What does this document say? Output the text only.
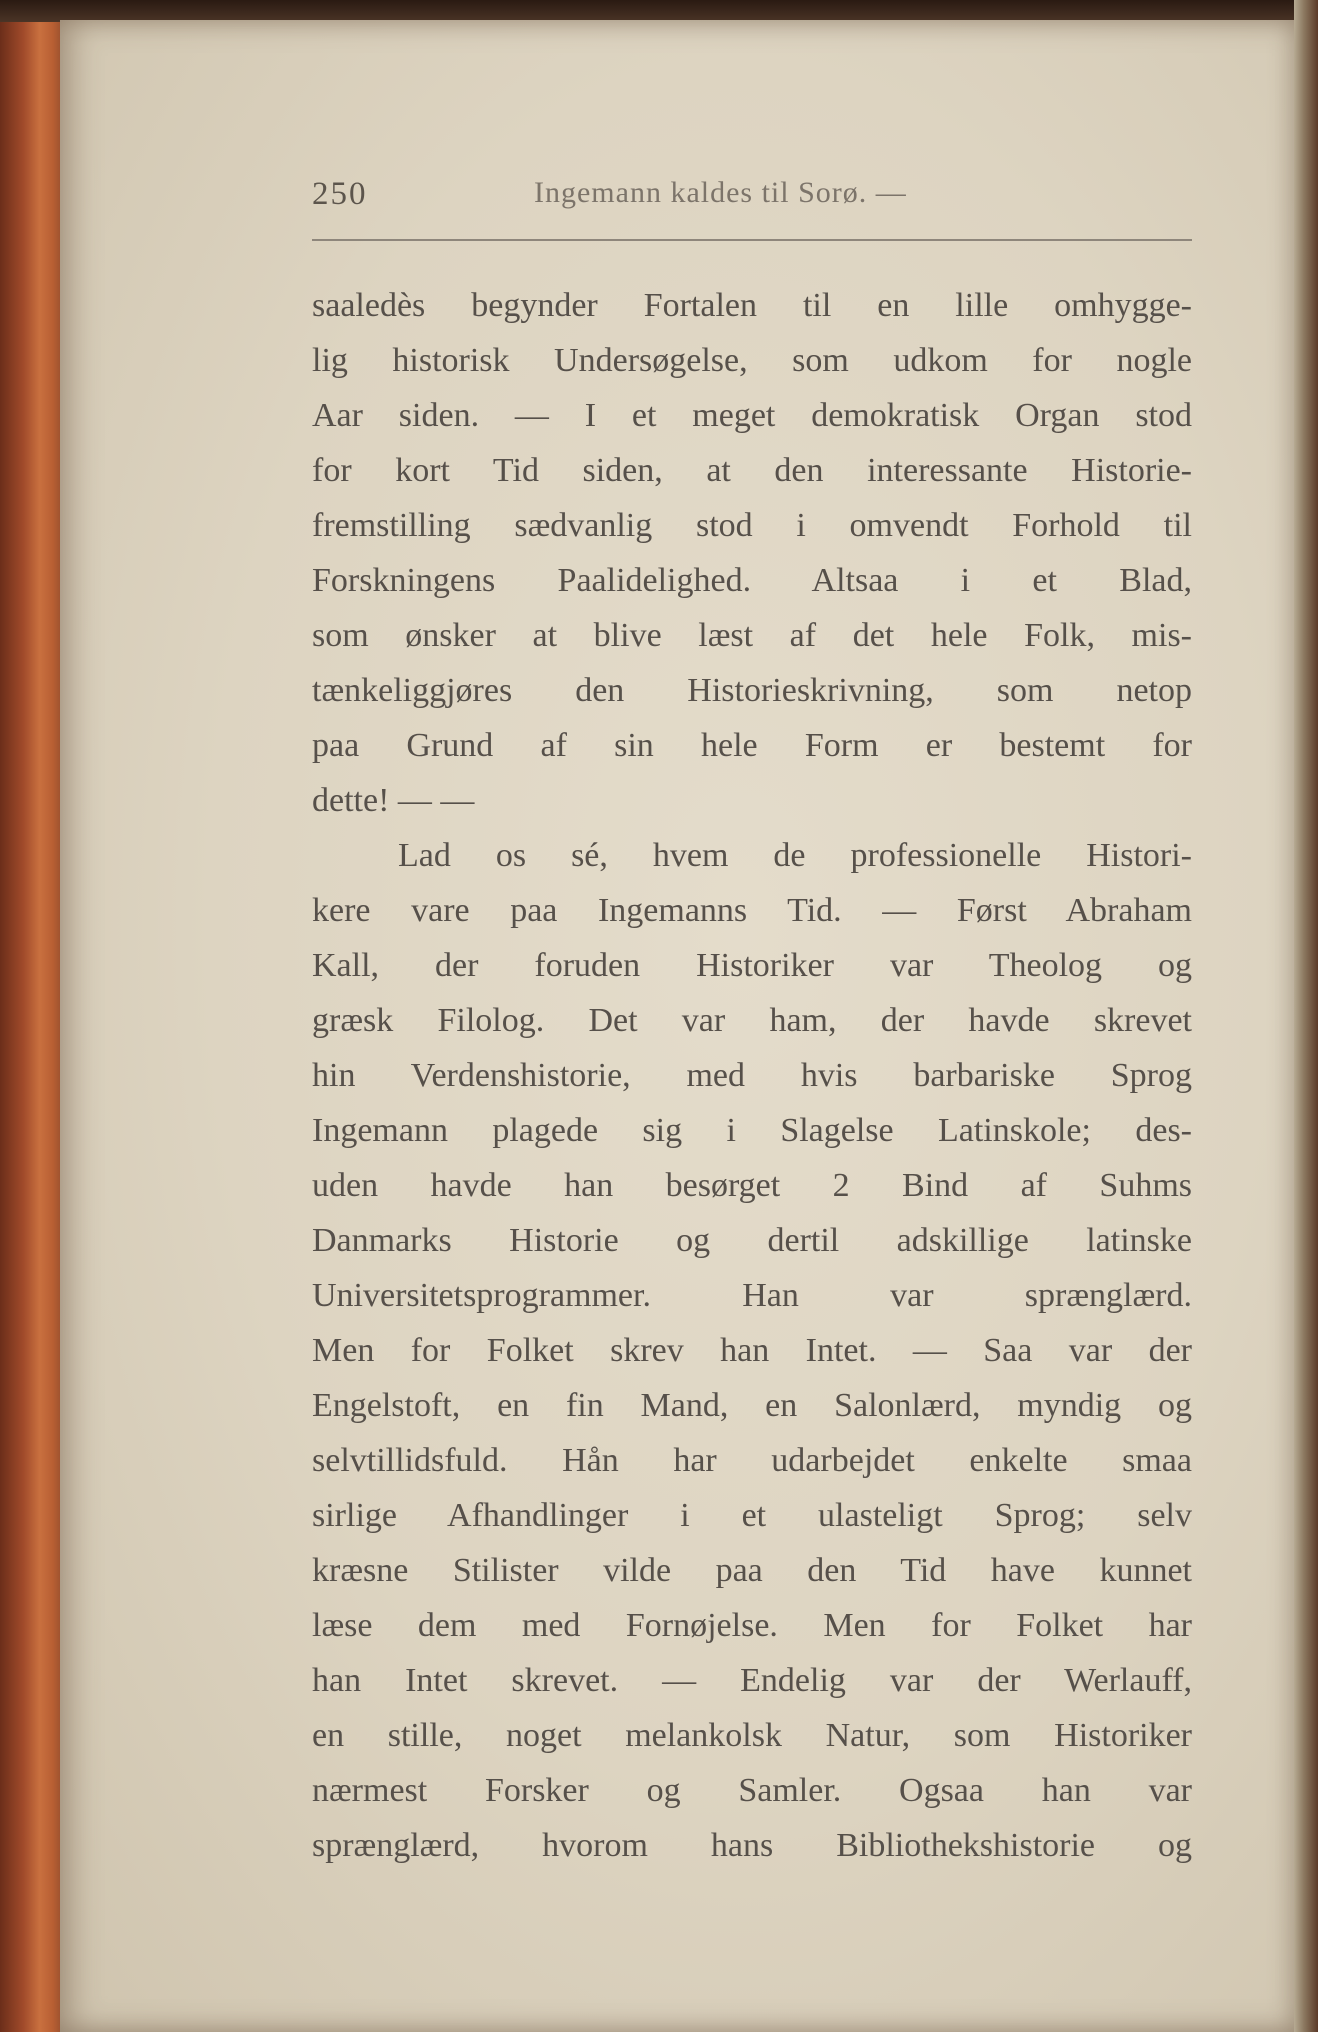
250	Ingemann kaldes til Sorø. —
saaledès begynder Fortalen til en lille omhygge-
lig historisk Undersøgelse, som udkom for nogle
Aar siden. — I et meget demokratisk Organ stod
for kort Tid siden, at den interessante Historie-
fremstilling sædvanlig stod i omvendt Forhold til
Forskningens Paalidelighed. Altsaa i et Blad,
som ønsker at blive læst af det hele Folk, mis-
tænkeliggjøres den Historieskrivning, som netop
paa Grund af sin hele Form er bestemt for
dette! — —
Lad os sé, hvem de professionelle Histori-
kere vare paa Ingemanns Tid. — Først Abraham
Kall, der foruden Historiker var Theolog og
græsk Filolog. Det var ham, der havde skrevet
hin Verdenshistorie, med hvis barbariske Sprog
Ingemann plagede sig i Slagelse Latinskole; des-
uden havde han besørget 2 Bind af Suhms
Danmarks Historie og dertil adskillige latinske
Universitetsprogrammer. Han var sprænglærd.
Men for Folket skrev han Intet. — Saa var der
Engelstoft, en fin Mand, en Salonlærd, myndig og
selvtillidsfuld. Hån har udarbejdet enkelte smaa
sirlige Afhandlinger i et ulasteligt Sprog; selv
kræsne Stilister vilde paa den Tid have kunnet
læse dem med Fornøjelse. Men for Folket har
han Intet skrevet. — Endelig var der Werlauff,
en stille, noget melankolsk Natur, som Historiker
nærmest Forsker og Samler. Ogsaa han var
sprænglærd, hvorom hans Bibliothekshistorie og
